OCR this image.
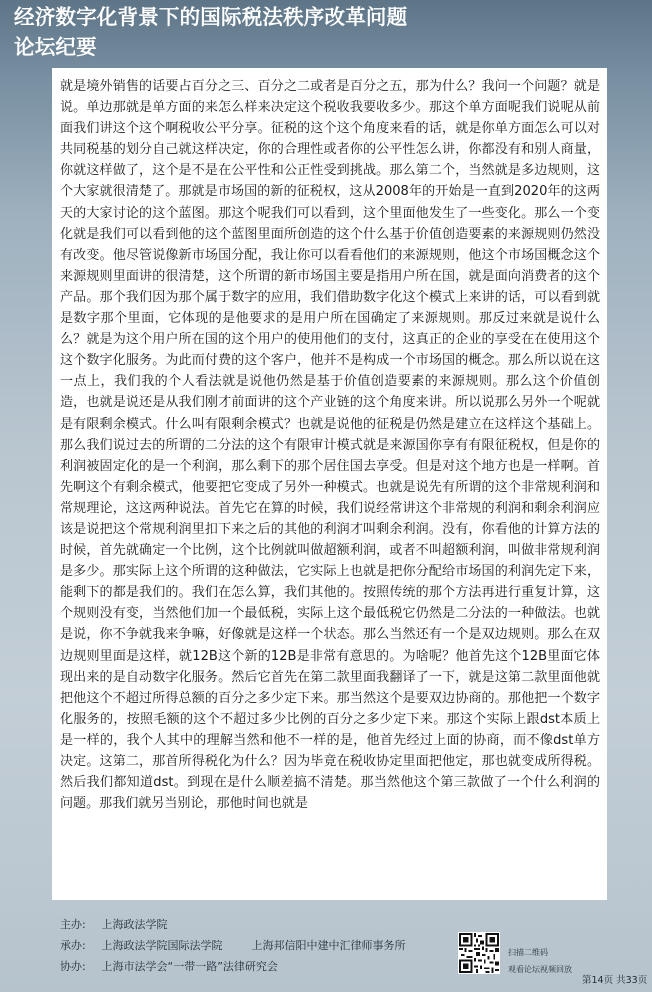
经济数字化背景下的国际税法秩序改革问题
论坛纪要
就是境外销售的话要占百分之三、百分之二或者是百分之五，那为什么？我问一个问题？就是说。单边那就是单方面的来怎么样来决定这个税收我要收多少。那这个单方面呢我们说呢从前面我们讲这个这个啊税收公平分享。征税的这个这个角度来看的话，就是你单方面怎么可以对共同税基的划分自己就这样决定，你的合理性或者你的公平性怎么讲，你都没有和别人商量，你就这样做了，这个是不是在公平性和公正性受到挑战。那么第二个，当然就是多边规则，这个大家就很清楚了。那就是市场国的新的征税权，这从2008年的开始是一直到2020年的这两天的大家讨论的这个蓝图。那这个呢我们可以看到，这个里面他发生了一些变化。那么一个变化就是我们可以看到他的这个蓝图里面所创造的这个什么基于价值创造要素的来源规则仍然没有改变。他尽管说像新市场国分配，我让你可以看看他们的来源规则，他这个市场国概念这个来源规则里面讲的很清楚，这个所谓的新市场国主要是指用户所在国，就是面向消费者的这个产品。那个我们因为那个属于数字的应用，我们借助数字化这个模式上来讲的话，可以看到就是数字那个里面，它体现的是他要求的是用户所在国确定了来源规则。那反过来就是说什么么？就是为这个用户所在国的这个用户的使用他们的支付，这真正的企业的享受在在使用这个这个数字化服务。为此而付费的这个客户，他并不是构成一个市场国的概念。那么所以说在这一点上，我们我的个人看法就是说他仍然是基于价值创造要素的来源规则。那么这个价值创造，也就是说还是从我们刚才前面讲的这个产业链的这个角度来讲。所以说那么另外一个呢就是有限剩余模式。什么叫有限剩余模式？也就是说他的征税是仍然是建立在这样这个基础上。那么我们说过去的所谓的二分法的这个有限审计模式就是来源国你享有有限征税权，但是你的利润被固定化的是一个利润，那么剩下的那个居住国去享受。但是对这个地方也是一样啊。首先啊这个有剩余模式，他要把它变成了另外一种模式。也就是说先有所谓的这个非常规利润和常规理论，这这两种说法。首先它在算的时候，我们说经常讲这个非常规的利润和剩余利润应该是说把这个常规利润里扣下来之后的其他的利润才叫剩余利润。没有，你看他的计算方法的时候，首先就确定一个比例，这个比例就叫做超额利润，或者不叫超额利润，叫做非常规利润是多少。那实际上这个所谓的这种做法，它实际上也就是把你分配给市场国的利润先定下来，能剩下的都是我们的。我们在怎么算，我们其他的。按照传统的那个方法再进行重复计算，这个规则没有变，当然他们加一个最低税，实际上这个最低税它仍然是二分法的一种做法。也就是说，你不争就我来争嘛，好像就是这样一个状态。那么当然还有一个是双边规则。那么在双边规则里面是这样，就12B这个新的12B是非常有意思的。为啥呢？他首先这个12B里面它体现出来的是自动数字化服务。然后它首先在第二款里面我翻译了一下，就是这第二款里面他就把他这个不超过所得总额的百分之多少定下来。那当然这个是要双边协商的。那他把一个数字化服务的，按照毛额的这个不超过多少比例的百分之多少定下来。那这个实际上跟dst本质上是一样的，我个人其中的理解当然和他不一样的是，他首先经过上面的协商，而不像dst单方决定。这第二，那首所得税化为什么？因为毕竟在税收协定里面把他定，那也就变成所得税。然后我们都知道dst。到现在是什么顺差搞不清楚。那当然他这个第三款做了一个什么利润的问题。那我们就另当别论，那他时间也就是
主办: 上海政法学院
承办: 上海政法学院国际法学院	上海邦信阳中建中汇律师事务所
协办: 上海市法学会“一带一路”法律研究会
扫描二维码
观看论坛视频回放
第14页 共33页
